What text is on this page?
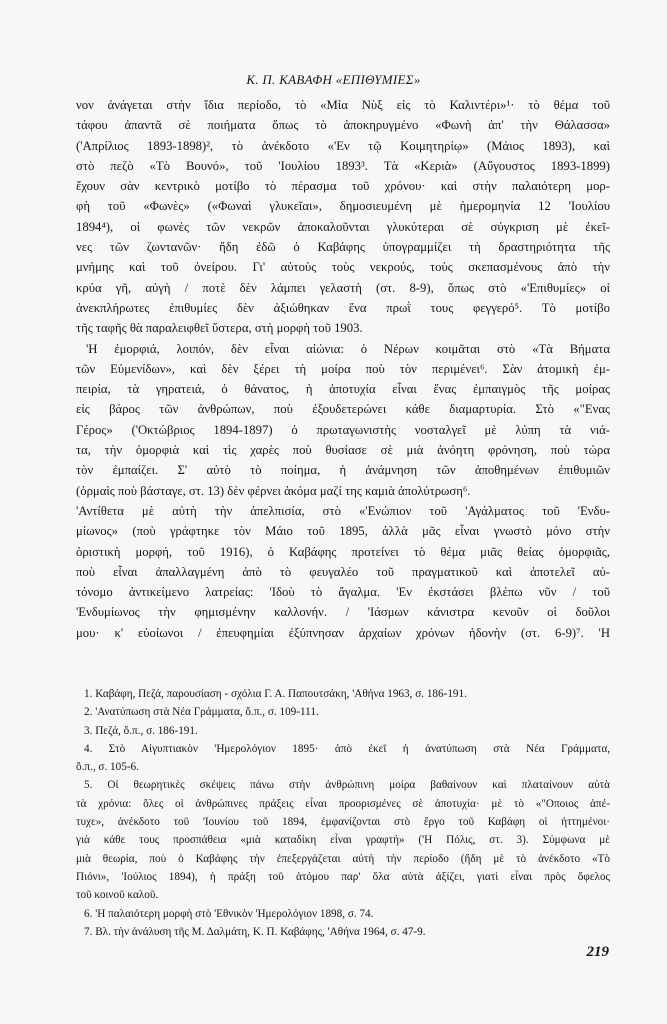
Κ. Π. ΚΑΒΑΦΗ «ΕΠΙΘΥΜΙΕΣ»
νον ἀνάγεται στὴν ἴδια περίοδο, τὸ «Μία Νὺξ εἰς τὸ Καλιντέρι»¹· τὸ θέμα τοῦ
τάφου ἀπαντᾶ σὲ ποιήματα ὅπως τὸ ἀποκηρυγμένο «Φωνὴ ἀπ' τὴν Θάλασσα»
('Απρίλιος 1893-1898)², τὸ ἀνέκδοτο «'Εν τῷ Κοιμητηρίῳ» (Μάιος 1893), καὶ
στὸ πεζὸ «Τὸ Βουνό», τοῦ 'Ιουλίου 1893³. Τὰ «Κεριὰ» (Αὔγουστος 1893-1899)
ἔχουν σὰν κεντρικὸ μοτίβο τὸ πέρασμα τοῦ χρόνου· καὶ στὴν παλαιότερη μορ-
φὴ τοῦ «Φωνὲς» («Φωναὶ γλυκεῖαι», δημοσιευμένη μὲ ἡμερομηνία 12 'Ιουλίου
1894⁴), οἱ φωνὲς τῶν νεκρῶν ἀποκαλοῦνται γλυκύτεραι σὲ σύγκριση μὲ ἐκεῖ-
νες τῶν ζωντανῶν· ἤδη ἐδῶ ὁ Καβάφης ὑπογραμμίζει τὴ δραστηριότητα τῆς
μνήμης καὶ τοῦ ὀνείρου. Γι' αὐτοὺς τοὺς νεκρούς, τοὺς σκεπασμένους ἀπὸ τὴν
κρύα γῆ, αὐγὴ / ποτὲ δὲν λάμπει γελαστὴ (στ. 8-9), ὅπως στὸ «'Επιθυμίες» οἱ
ἀνεκπλήρωτες ἐπιθυμίες δὲν ἀξιώθηκαν ἕνα πρωῒ τους φεγγερό⁵. Τὸ μοτίβο
τῆς ταφῆς θὰ παραλειφθεῖ ὕστερα, στὴ μορφὴ τοῦ 1903.
'Η ἐμορφιά, λοιπόν, δὲν εἶναι αἰώνια: ὁ Νέρων κοιμᾶται στὸ «Τὰ Βήματα
τῶν Εὐμενίδων», καὶ δὲν ξέρει τὴ μοίρα ποὺ τὸν περιμένει⁶. Σὰν ἀτομικὴ ἐμ-
πειρία, τὰ γηρατειά, ὁ θάνατος, ἡ ἀποτυχία εἶναι ἕνας ἐμπαιγμὸς τῆς μοίρας
εἰς βάρος τῶν ἀνθρώπων, ποὺ ἐξουδετερώνει κάθε διαμαρτυρία. Στὸ «"Ενας
Γέρος» ('Οκτώβριος 1894-1897) ὁ πρωταγωνιστὴς νοσταλγεῖ μὲ λύπη τὰ νιά-
τα, τὴν ὀμορφιὰ καὶ τὶς χαρὲς ποὺ θυσίασε σὲ μιὰ ἀνόητη φρόνηση, ποὺ τώρα
τὸν ἐμπαίζει. Σ' αὐτὸ τὸ ποίημα, ἡ ἀνάμνηση τῶν ἀποθημένων ἐπιθυμιῶν
(ὁρμαὶς ποὺ βάσταγε, στ. 13) δὲν φέρνει ἀκόμα μαζί της καμιὰ ἀπολύτρωση⁶.
'Αντίθετα μὲ αὐτὴ τὴν ἀπελπισία, στὸ «'Ενώπιον τοῦ 'Αγάλματος τοῦ 'Ενδυ-
μίωνος» (ποὺ γράφτηκε τὸν Μάιο τοῦ 1895, ἀλλὰ μᾶς εἶναι γνωστὸ μόνο στὴν
ὁριστικὴ μορφή, τοῦ 1916), ὁ Καβάφης προτείνει τὸ θέμα μιᾶς θείας ὀμορφιᾶς,
ποὺ εἶναι ἀπαλλαγμένη ἀπὸ τὸ φευγαλέο τοῦ πραγματικοῦ καὶ ἀποτελεῖ αὐ-
τόνομο ἀντικείμενο λατρείας: 'Ιδοὺ τὸ ἄγαλμα. 'Εν ἐκστάσει βλέπω νῦν / τοῦ
'Ενδυμίωνος τὴν φημισμένην καλλονήν. / 'Ιάσμων κάνιστρα κενοῦν οἱ δοῦλοι
μου· κ' εὐοίωνοι / ἐπευφημίαι ἐξύπνησαν ἀρχαίων χρόνων ἡδονὴν (στ. 6-9)⁷. 'Η
1. Καβάφη, Πεζά, παρουσίαση - σχόλια Γ. Α. Παπουτσάκη, 'Αθήνα 1963, σ. 186-191.
2. 'Ανατύπωση στὰ Νέα Γράμματα, ὅ.π., σ. 109-111.
3. Πεζά, ὅ.π., σ. 186-191.
4. Στὸ Αἰγυπτιακὸν 'Ημερολόγιον 1895· ἀπὸ ἐκεῖ ἡ ἀνατύπωση στὰ Νέα Γράμματα,
ὅ.π., σ. 105-6.
5. Οἱ θεωρητικὲς σκέψεις πάνω στὴν ἀνθρώπινη μοίρα βαθαίνουν καὶ πλαταίνουν αὐτὰ
τὰ χρόνια: ὅλες οἱ ἀνθρώπινες πράξεις εἶναι προορισμένες σὲ ἀποτυχία· μὲ τὸ «"Οποιος ἀπέ-
τυχε», ἀνέκδοτο τοῦ 'Ιουνίου τοῦ 1894, ἐμφανίζονται στὸ ἔργο τοῦ Καβάφη οἱ ἡττημένοι·
γιὰ κάθε τους προσπάθεια «μιὰ καταδίκη εἶναι γραφτή» ('Η Πόλις, στ. 3). Σύμφωνα μὲ
μιὰ θεωρία, ποὺ ὁ Καβάφης τὴν ἐπεξεργάζεται αὐτὴ τὴν περίοδο (ἤδη μὲ τὸ ἀνέκδοτο «Τὸ
Πιόνι», 'Ιούλιος 1894), ἡ πράξη τοῦ ἀτόμου παρ' ὅλα αὐτὰ ἀξίζει, γιατὶ εἶναι πρὸς ὄφελος
τοῦ κοινοῦ καλοῦ.
6. 'Η παλαιότερη μορφὴ στὸ 'Εθνικὸν 'Ημερολόγιον 1898, σ. 74.
7. Βλ. τὴν ἀνάλυση τῆς Μ. Δαλμάτη, Κ. Π. Καβάφης, 'Αθήνα 1964, σ. 47-9.
219
